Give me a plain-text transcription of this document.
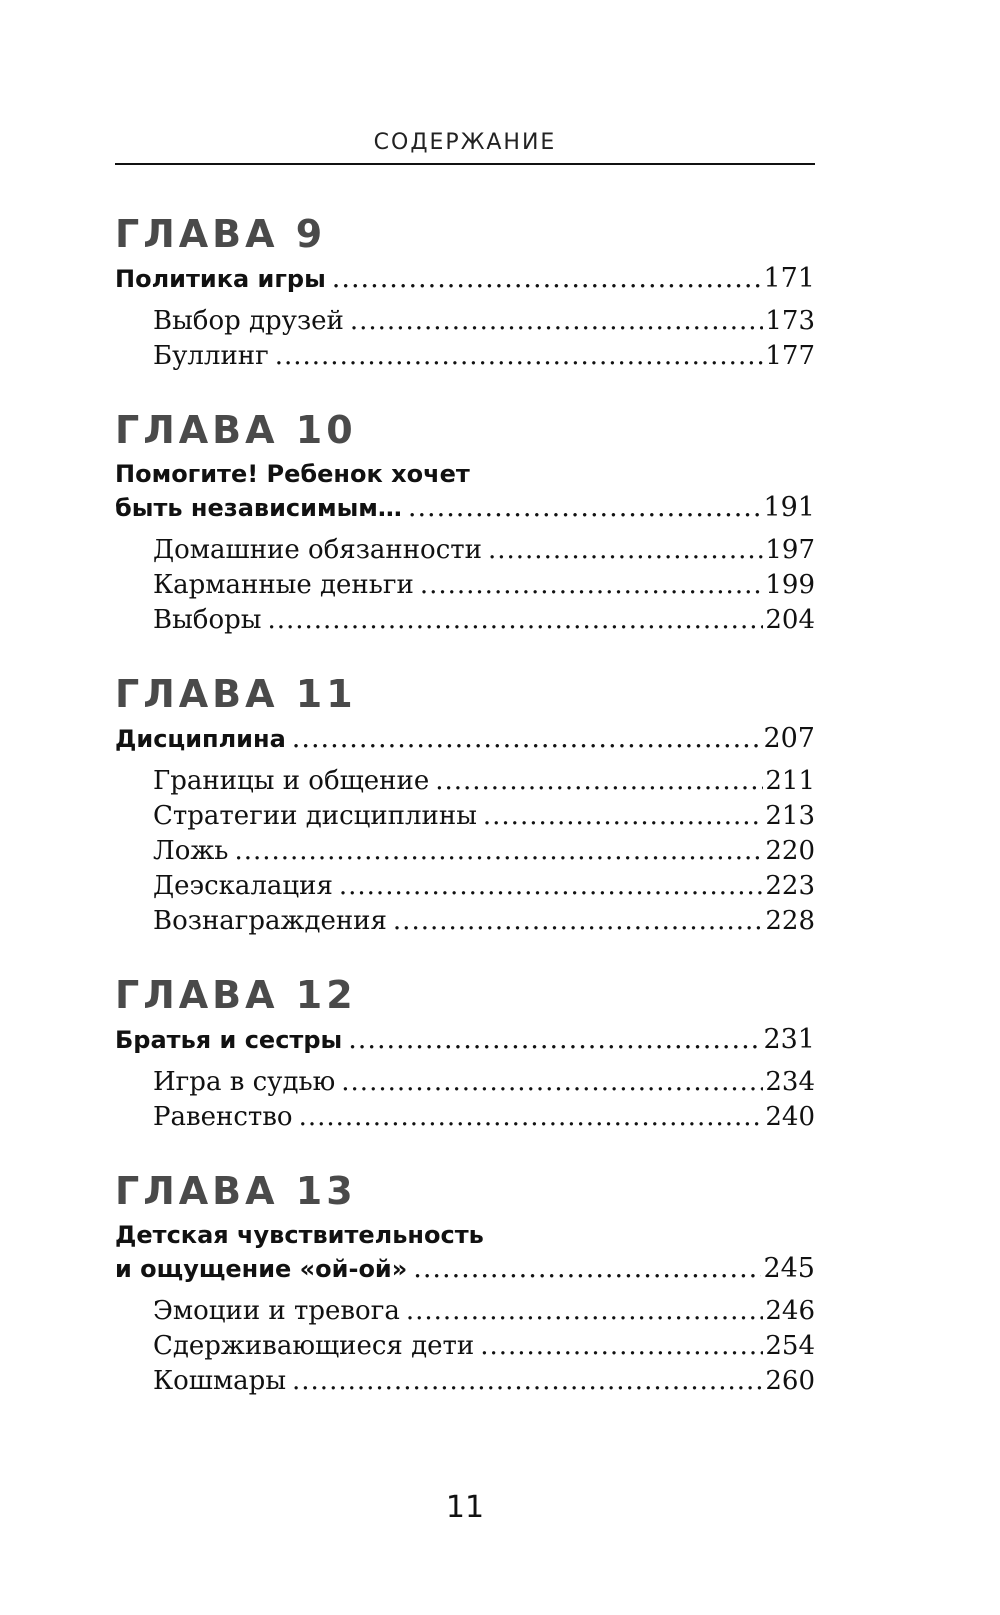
СОДЕРЖАНИЕ
ГЛАВА 9
Политика игры .....	171
Выбор друзей .....	173
Буллинг .....	177
ГЛАВА 10
Помогите! Ребенок хочет
быть независимым… .....	191
Домашние обязанности .....	197
Карманные деньги .....	199
Выборы .....	204
ГЛАВА 11
Дисциплина .....	207
Границы и общение .....	211
Стратегии дисциплины .....	213
Ложь .....	220
Деэскалация .....	223
Вознаграждения .....	228
ГЛАВА 12
Братья и сестры .....	231
Игра в судью .....	234
Равенство .....	240
ГЛАВА 13
Детская чувствительность
и ощущение «ой-ой» .....	245
Эмоции и тревога .....	246
Сдерживающиеся дети .....	254
Кошмары .....	260
11
